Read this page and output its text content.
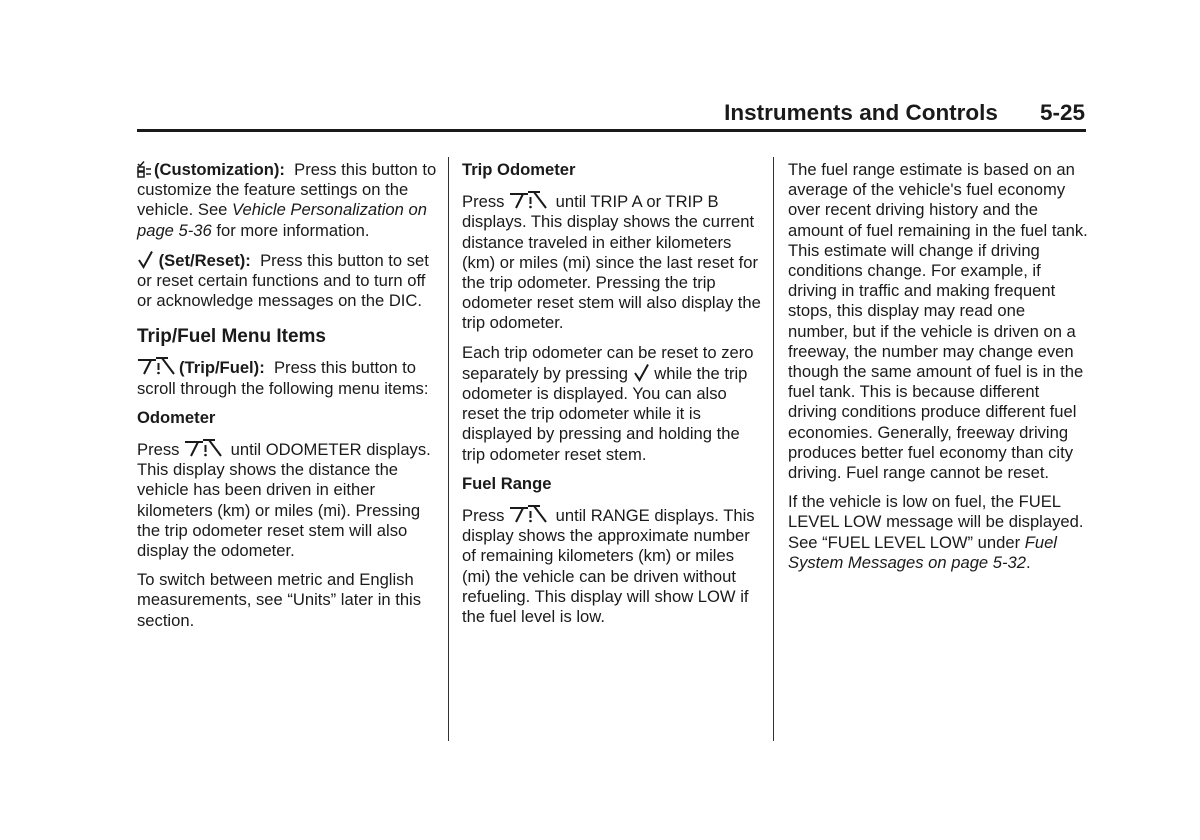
Instruments and Controls 5-25

(Customization): Press this button to customize the feature settings on the vehicle. See Vehicle Personalization on page 5-36 for more information.

(Set/Reset): Press this button to set or reset certain functions and to turn off or acknowledge messages on the DIC.

Trip/Fuel Menu Items

(Trip/Fuel): Press this button to scroll through the following menu items:

Odometer

Press	until ODOMETER displays. This display shows the distance the vehicle has been driven in either kilometers (km) or miles (mi). Pressing the trip odometer reset stem will also display the odometer.

To switch between metric and English measurements, see “Units” later in this section.

Trip Odometer

Press	until TRIP A or TRIP B displays. This display shows the current distance traveled in either kilometers (km) or miles (mi) since the last reset for the trip odometer. Pressing the trip odometer reset stem will also display the trip odometer.

Each trip odometer can be reset to zero separately by pressing  while the trip odometer is displayed. You can also reset the trip odometer while it is displayed by pressing and holding the trip odometer reset stem.

Fuel Range

Press	until RANGE displays. This display shows the approximate number of remaining kilometers (km) or miles (mi) the vehicle can be driven without refueling. This display will show LOW if the fuel level is low.

The fuel range estimate is based on an average of the vehicle's fuel economy over recent driving history and the amount of fuel remaining in the fuel tank. This estimate will change if driving conditions change. For example, if driving in traffic and making frequent stops, this display may read one number, but if the vehicle is driven on a freeway, the number may change even though the same amount of fuel is in the fuel tank. This is because different driving conditions produce different fuel economies. Generally, freeway driving produces better fuel economy than city driving. Fuel range cannot be reset.

If the vehicle is low on fuel, the FUEL LEVEL LOW message will be displayed. See “FUEL LEVEL LOW” under Fuel System Messages on page 5-32.
